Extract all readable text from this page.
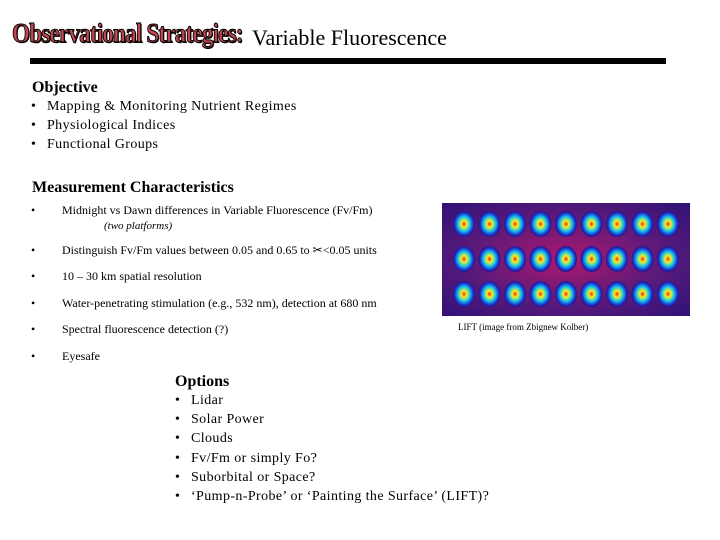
Observational Strategies: Variable Fluorescence
Objective
• Mapping & Monitoring Nutrient Regimes
• Physiological Indices
• Functional Groups
Measurement Characteristics
• Midnight vs Dawn differences in Variable Fluorescence (Fv/Fm)
(two platforms)
• Distinguish Fv/Fm values between 0.05 and 0.65 to ✂<0.05 units
• 10 – 30 km spatial resolution
• Water-penetrating stimulation (e.g., 532 nm), detection at 680 nm
• Spectral fluorescence detection (?)
• Eyesafe
LIFT (image from Zbignew Kolber)
Options
• Lidar
• Solar Power
• Clouds
• Fv/Fm or simply Fo?
• Suborbital or Space?
• ‘Pump-n-Probe’ or ‘Painting the Surface’ (LIFT)?
